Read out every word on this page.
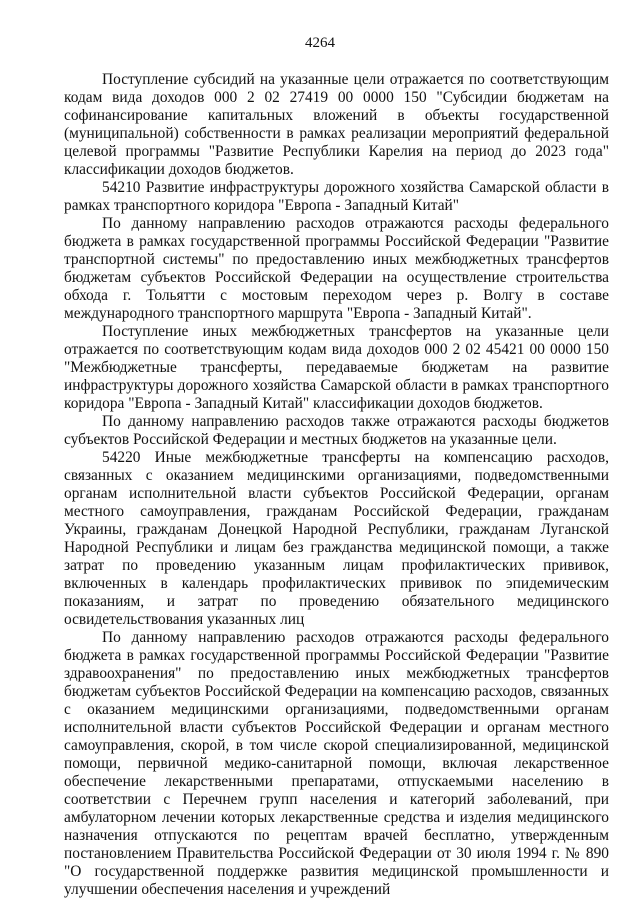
4264

Поступление субсидий на указанные цели отражается по соответствующим кодам вида доходов 000 2 02 27419 00 0000 150 "Субсидии бюджетам на софинансирование капитальных вложений в объекты государственной (муниципальной) собственности в рамках реализации мероприятий федеральной целевой программы "Развитие Республики Карелия на период до 2023 года" классификации доходов бюджетов.

54210 Развитие инфраструктуры дорожного хозяйства Самарской области в рамках транспортного коридора "Европа - Западный Китай"

По данному направлению расходов отражаются расходы федерального бюджета в рамках государственной программы Российской Федерации "Развитие транспортной системы" по предоставлению иных межбюджетных трансфертов бюджетам субъектов Российской Федерации на осуществление строительства обхода г. Тольятти с мостовым переходом через р. Волгу в составе международного транспортного маршрута "Европа - Западный Китай".

Поступление иных межбюджетных трансфертов на указанные цели отражается по соответствующим кодам вида доходов 000 2 02 45421 00 0000 150 "Межбюджетные трансферты, передаваемые бюджетам на развитие инфраструктуры дорожного хозяйства Самарской области в рамках транспортного коридора "Европа - Западный Китай" классификации доходов бюджетов.

По данному направлению расходов также отражаются расходы бюджетов субъектов Российской Федерации и местных бюджетов на указанные цели.

54220 Иные межбюджетные трансферты на компенсацию расходов, связанных с оказанием медицинскими организациями, подведомственными органам исполнительной власти субъектов Российской Федерации, органам местного самоуправления, гражданам Российской Федерации, гражданам Украины, гражданам Донецкой Народной Республики, гражданам Луганской Народной Республики и лицам без гражданства медицинской помощи, а также затрат по проведению указанным лицам профилактических прививок, включенных в календарь профилактических прививок по эпидемическим показаниям, и затрат по проведению обязательного медицинского освидетельствования указанных лиц

По данному направлению расходов отражаются расходы федерального бюджета в рамках государственной программы Российской Федерации "Развитие здравоохранения" по предоставлению иных межбюджетных трансфертов бюджетам субъектов Российской Федерации на компенсацию расходов, связанных с оказанием медицинскими организациями, подведомственными органам исполнительной власти субъектов Российской Федерации и органам местного самоуправления, скорой, в том числе скорой специализированной, медицинской помощи, первичной медико-санитарной помощи, включая лекарственное обеспечение лекарственными препаратами, отпускаемыми населению в соответствии с Перечнем групп населения и категорий заболеваний, при амбулаторном лечении которых лекарственные средства и изделия медицинского назначения отпускаются по рецептам врачей бесплатно, утвержденным постановлением Правительства Российской Федерации от 30 июля 1994 г. № 890 "О государственной поддержке развития медицинской промышленности и улучшении обеспечения населения и учреждений
